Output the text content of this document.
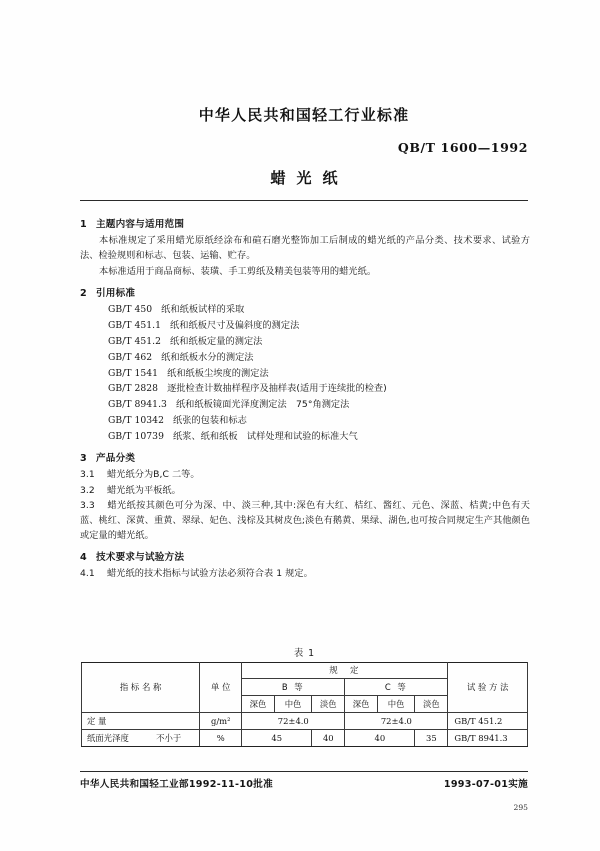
中华人民共和国轻工行业标准
QB/T 1600—1992
蜡光纸
1 主题内容与适用范围
本标准规定了采用蜡光原纸经涂布和碹石磨光整饰加工后制成的蜡光纸的产品分类、技术要求、试验方法、检验规则和标志、包装、运输、贮存。
本标准适用于商品商标、装璜、手工剪纸及精美包装等用的蜡光纸。
2 引用标准
GB/T 450 纸和纸板试样的采取
GB/T 451.1 纸和纸板尺寸及偏斜度的测定法
GB/T 451.2 纸和纸板定量的测定法
GB/T 462 纸和纸板水分的测定法
GB/T 1541 纸和纸板尘埃度的测定法
GB/T 2828 逐批检查计数抽样程序及抽样表(适用于连续批的检查)
GB/T 8941.3 纸和纸板镜面光泽度测定法　75°角测定法
GB/T 10342 纸张的包装和标志
GB/T 10739 纸浆、纸和纸板　试样处理和试验的标准大气
3 产品分类
3.1 蜡光纸分为B,C 二等。
3.2 蜡光纸为平板纸。
3.3 蜡光纸按其颜色可分为深、中、淡三种,其中:深色有大红、桔红、酱红、元色、深蓝、桔黄;中色有天蓝、桃红、深黄、重黄、翠绿、妃色、浅棕及其树皮色;淡色有鹅黄、果绿、湖色,也可按合同规定生产其他颜色或定量的蜡光纸。
4 技术要求与试验方法
4.1 蜡光纸的技术指标与试验方法必须符合表 1 规定。
表 1
指 标 名 称	单 位	规　定						试 验 方 法
		B 等			C 等			
		深色	中色	淡色	深色	中色	淡色	
定 量	g/m²	72±4.0			72±4.0			GB/T 451.2

纸面光泽度 不小于	%	45		40	40		35	GB/T 8941.3
中华人民共和国轻工业部1992-11-10批准	1993-07-01实施
295
